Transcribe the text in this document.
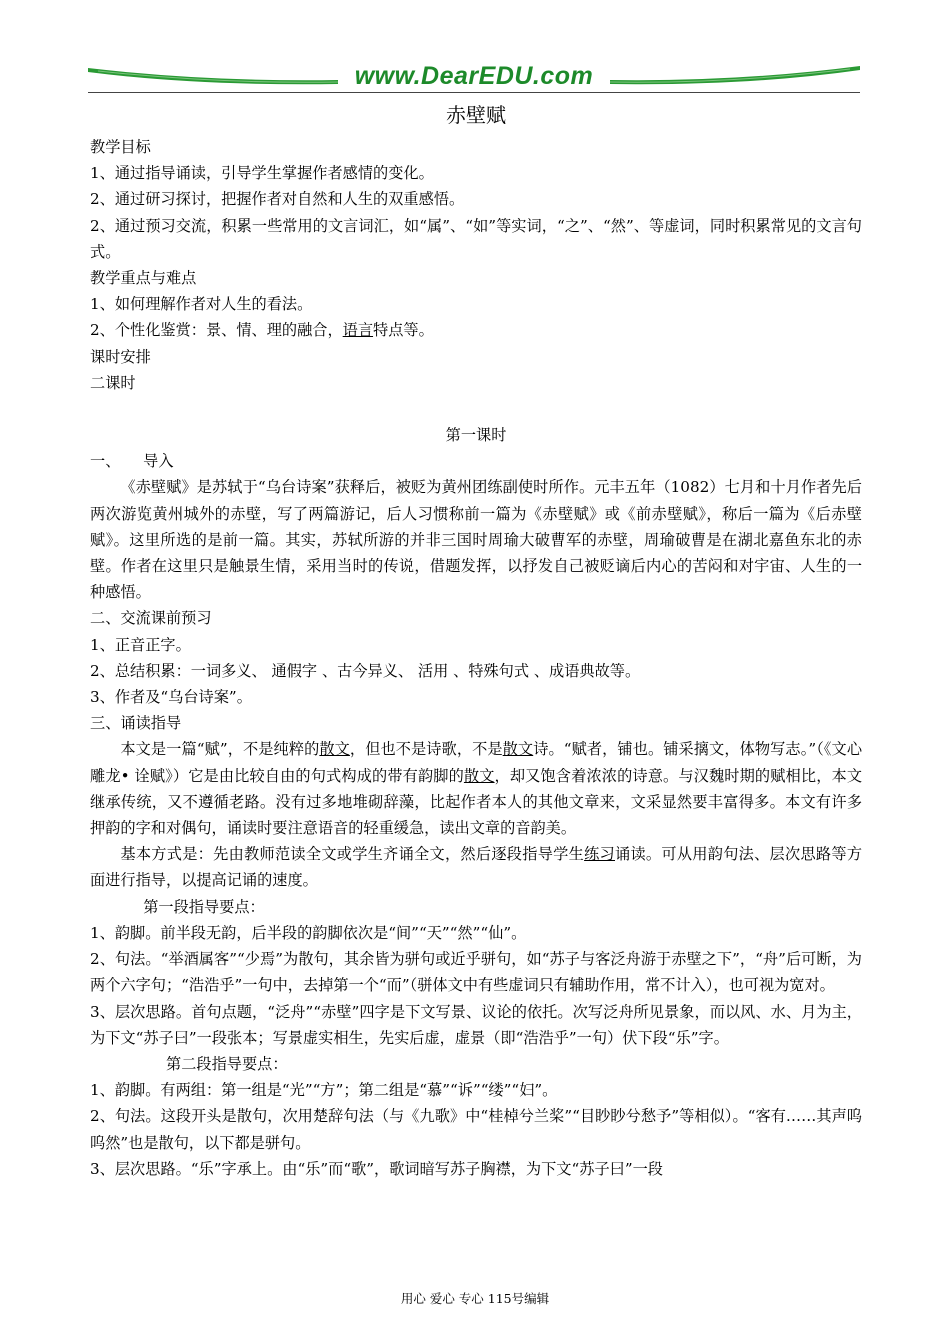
www.DearEDU.com
赤壁赋

教学目标

1、通过指导诵读，引导学生掌握作者感情的变化。

2、通过研习探讨，把握作者对自然和人生的双重感悟。

2、通过预习交流，积累一些常用的文言词汇，如“属”、“如”等实词，“之”、“然”、等虚词，同时积累常见的文言句式。

教学重点与难点

1、如何理解作者对人生的看法。

2、个性化鉴赏：景、情、理的融合，语言特点等。

课时安排

二课时

第一课时

一、　　导入

《赤壁赋》是苏轼于“乌台诗案”获释后，被贬为黄州团练副使时所作。元丰五年（1082）七月和十月作者先后两次游览黄州城外的赤壁，写了两篇游记，后人习惯称前一篇为《赤壁赋》或《前赤壁赋》，称后一篇为《后赤壁赋》。这里所选的是前一篇。其实，苏轼所游的并非三国时周瑜大破曹军的赤壁，周瑜破曹是在湖北嘉鱼东北的赤壁。作者在这里只是触景生情，采用当时的传说，借题发挥，以抒发自己被贬谪后内心的苦闷和对宇宙、人生的一种感悟。

二、交流课前预习

1、正音正字。

2、总结积累：一词多义、 通假字 、古今异义、 活用 、特殊句式 、成语典故等。

3、作者及“乌台诗案”。

三、诵读指导

本文是一篇“赋”，不是纯粹的散文，但也不是诗歌，不是散文诗。“赋者，铺也。铺采摛文，体物写志。”（《文心雕龙• 诠赋》）它是由比较自由的句式构成的带有韵脚的散文，却又饱含着浓浓的诗意。与汉魏时期的赋相比，本文继承传统，又不遵循老路。没有过多地堆砌辞藻，比起作者本人的其他文章来，文采显然要丰富得多。本文有许多押韵的字和对偶句，诵读时要注意语音的轻重缓急，读出文章的音韵美。

基本方式是：先由教师范读全文或学生齐诵全文，然后逐段指导学生练习诵读。可从用韵句法、层次思路等方面进行指导，以提高记诵的速度。

第一段指导要点：

1、韵脚。前半段无韵，后半段的韵脚依次是“间”“天”“然”“仙”。

2、句法。“举酒属客”“少焉”为散句，其余皆为骈句或近乎骈句，如“苏子与客泛舟游于赤壁之下”，“舟”后可断，为两个六字句；“浩浩乎”一句中，去掉第一个“而”（骈体文中有些虚词只有辅助作用，常不计入），也可视为宽对。

3、层次思路。首句点题，“泛舟”“赤壁”四字是下文写景、议论的依托。次写泛舟所见景象，而以风、水、月为主，为下文“苏子曰”一段张本；写景虚实相生，先实后虚，虚景（即“浩浩乎”一句）伏下段“乐”字。

第二段指导要点：

1、韵脚。有两组：第一组是“光”“方”；第二组是“慕”“诉”“缕”“妇”。

2、句法。这段开头是散句，次用楚辞句法（与《九歌》中“桂棹兮兰桨”“目眇眇兮愁予”等相似）。“客有……其声呜呜然”也是散句，以下都是骈句。

3、层次思路。“乐”字承上。由“乐”而“歌”，歌词暗写苏子胸襟，为下文“苏子曰”一段

用心 爱心 专心 115号编辑
